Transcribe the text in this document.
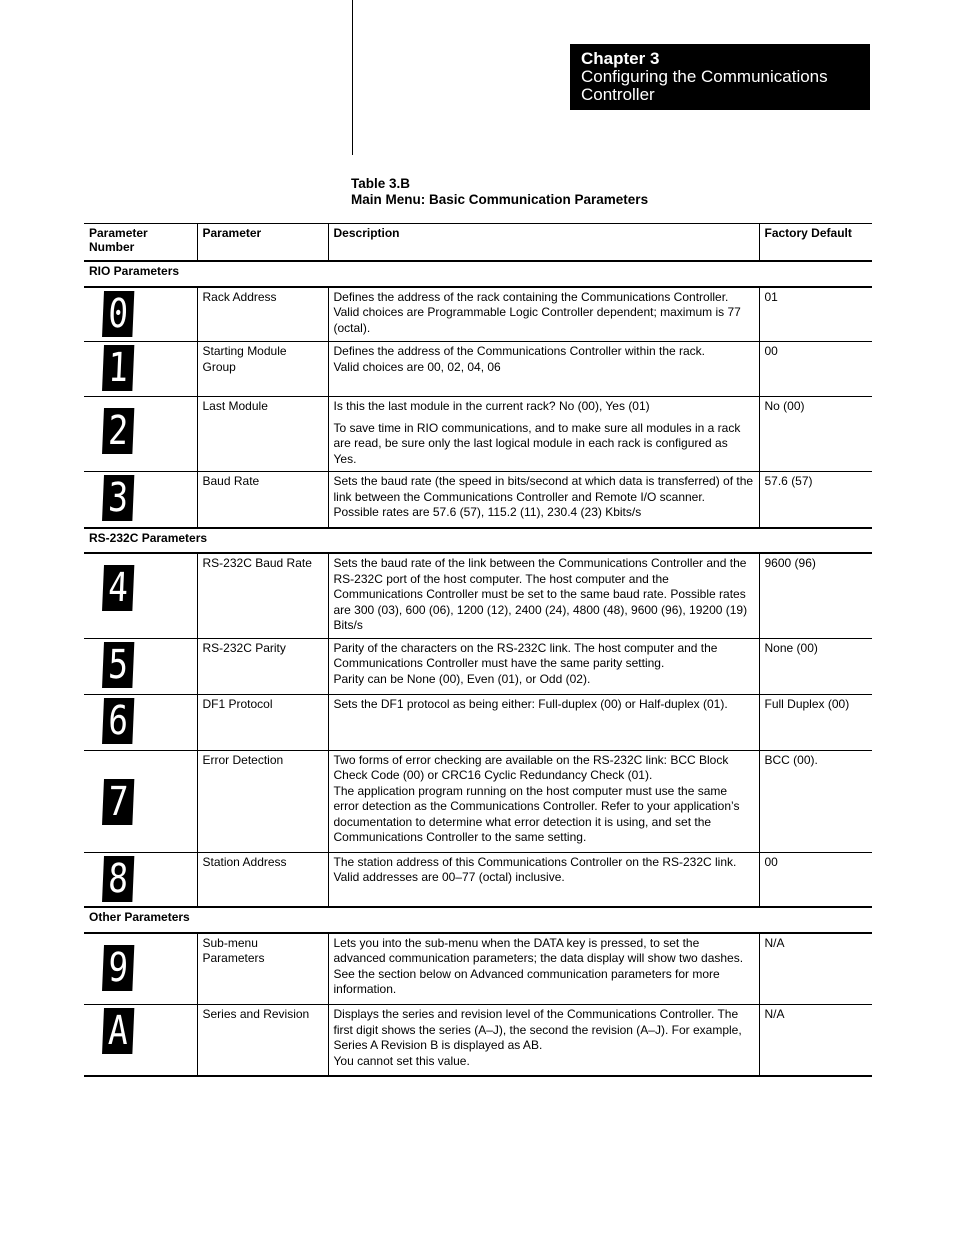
Chapter 3
Configuring the Communications
Controller
Table 3.B
Main Menu: Basic Communication Parameters
Parameter
Number	Parameter	Description	Factory Default
RIO Parameters			
0	Rack Address	Defines the address of the rack containing the Communications Controller.
Valid choices are Programmable Logic Controller dependent; maximum is 77 (octal).	01
1	Starting Module Group	Defines the address of the Communications Controller within the rack.
Valid choices are 00, 02, 04, 06	00
2	Last Module	Is this the last module in the current rack? No (00), Yes (01)

To save time in RIO communications, and to make sure all modules in a rack are read, be sure only the last logical module in each rack is configured as Yes.	No (00)
3	Baud Rate	Sets the baud rate (the speed in bits/second at which data is transferred) of the link between the Communications Controller and Remote I/O scanner.
Possible rates are 57.6 (57), 115.2 (11), 230.4 (23) Kbits/s	57.6 (57)
RS-232C Parameters			
4	RS-232C Baud Rate	Sets the baud rate of the link between the Communications Controller and the RS-232C port of the host computer. The host computer and the Communications Controller must be set to the same baud rate. Possible rates are 300 (03), 600 (06), 1200 (12), 2400 (24), 4800 (48), 9600 (96), 19200 (19) Bits/s	9600 (96)
5	RS-232C Parity	Parity of the characters on the RS-232C link. The host computer and the Communications Controller must have the same parity setting.
Parity can be None (00), Even (01), or Odd (02).	None (00)
6	DF1 Protocol	Sets the DF1 protocol as being either: Full-duplex (00) or Half-duplex (01).	Full Duplex (00)
7	Error Detection	Two forms of error checking are available on the RS-232C link: BCC Block Check Code (00) or CRC16 Cyclic Redundancy Check (01).
The application program running on the host computer must use the same error detection as the Communications Controller. Refer to your application’s documentation to determine what error detection it is using, and set the Communications Controller to the same setting.	BCC (00).
8	Station Address	The station address of this Communications Controller on the RS-232C link.
Valid addresses are 00–77 (octal) inclusive.	00
Other Parameters			
9	Sub-menu Parameters	Lets you into the sub-menu when the DATA key is pressed, to set the advanced communication parameters; the data display will show two dashes.
See the section below on Advanced communication parameters for more information.	N/A
A	Series and Revision	Displays the series and revision level of the Communications Controller. The first digit shows the series (A–J), the second the revision (A–J). For example, Series A Revision B is displayed as AB.
You cannot set this value.	N/A
